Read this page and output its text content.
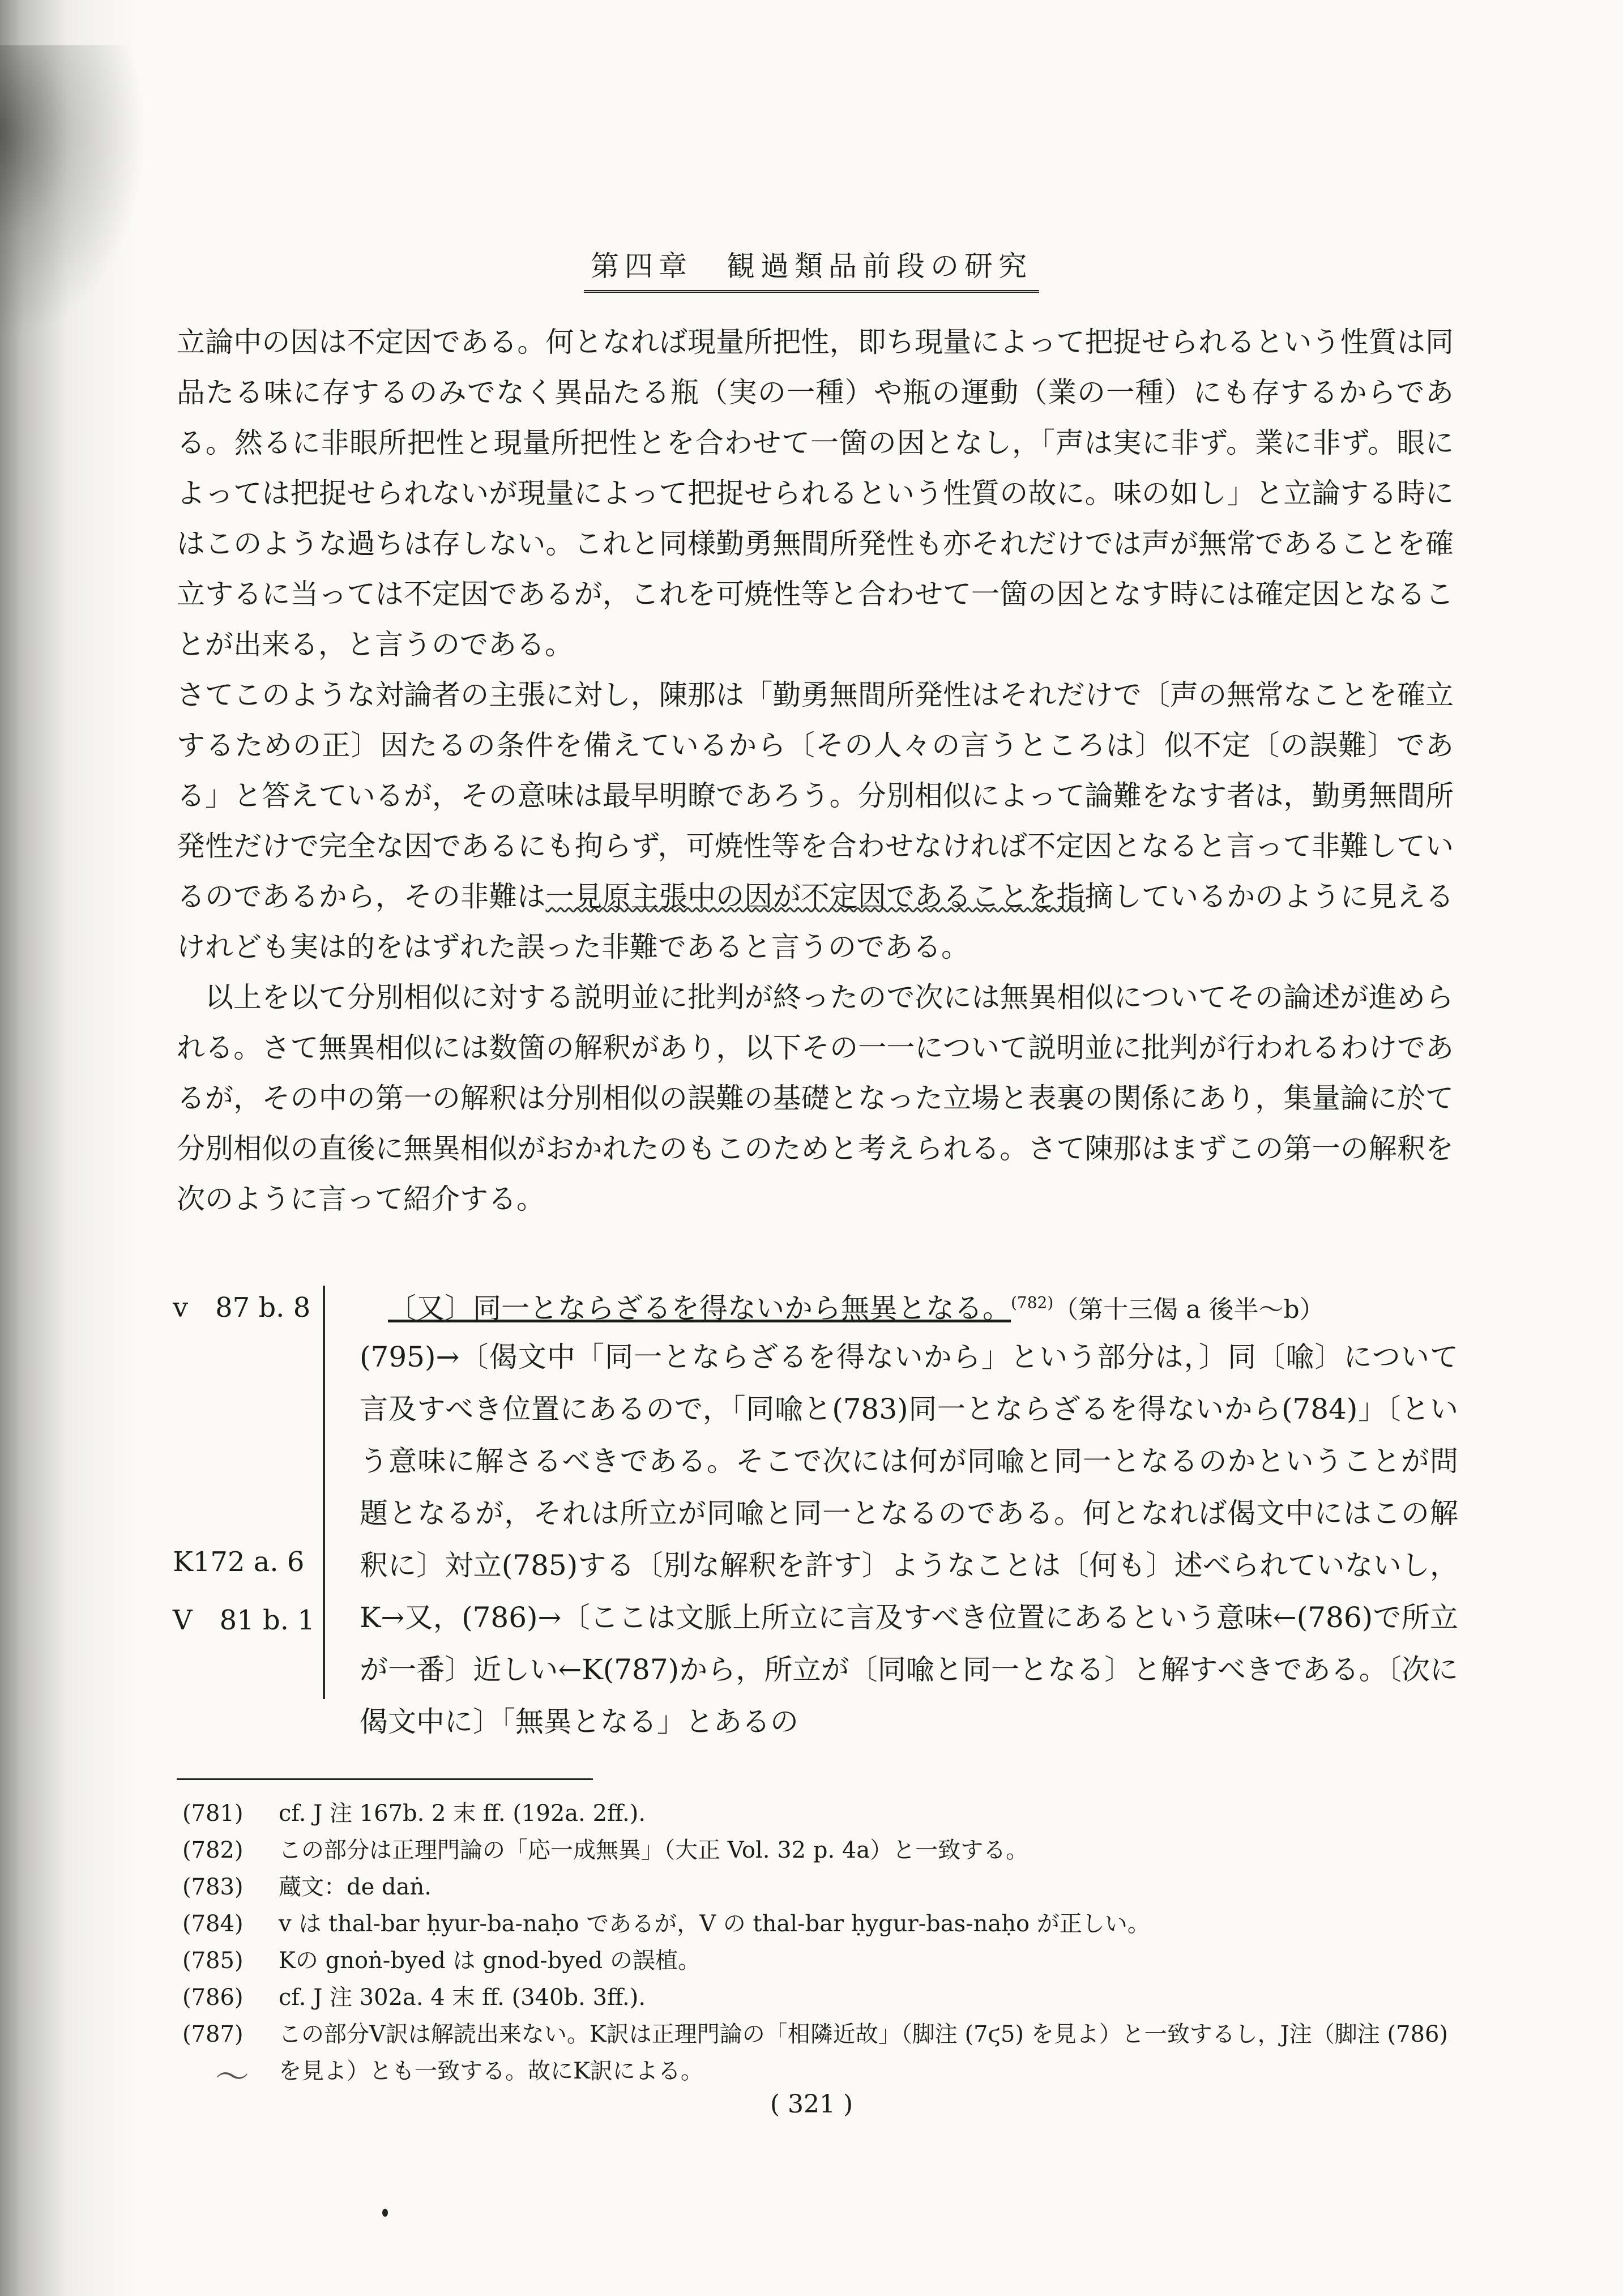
第四章　観過類品前段の研究

立論中の因は不定因である。何となれば現量所把性，即ち現量によって把捉せられるという性質は同品たる味に存するのみでなく異品たる瓶（実の一種）や瓶の運動（業の一種）にも存するからである。然るに非眼所把性と現量所把性とを合わせて一箇の因となし，「声は実に非ず。業に非ず。眼によっては把捉せられないが現量によって把捉せられるという性質の故に。味の如し」と立論する時にはこのような過ちは存しない。これと同様勤勇無間所発性も亦それだけでは声が無常であることを確立するに当っては不定因であるが，これを可焼性等と合わせて一箇の因となす時には確定因となることが出来る，と言うのである。

さてこのような対論者の主張に対し，陳那は「勤勇無間所発性はそれだけで〔声の無常なことを確立するための正〕因たるの条件を備えているから〔その人々の言うところは〕似不定〔の誤難〕である」と答えているが，その意味は最早明瞭であろう。分別相似によって論難をなす者は，勤勇無間所発性だけで完全な因であるにも拘らず，可焼性等を合わせなければ不定因となると言って非難しているのであるから，その非難は一見原主張中の因が不定因であることを指摘しているかのように見えるけれども実は的をはずれた誤った非難であると言うのである。

以上を以て分別相似に対する説明並に批判が終ったので次には無異相似についてその論述が進められる。さて無異相似には数箇の解釈があり，以下その一一について説明並に批判が行われるわけであるが，その中の第一の解釈は分別相似の誤難の基礎となった立場と表裏の関係にあり，集量論に於て分別相似の直後に無異相似がおかれたのもこのためと考えられる。さて陳那はまずこの第一の解釈を次のように言って紹介する。

v　87 b. 8
K172 a. 6
V　81 b. 1
〔又〕同一とならざるを得ないから無異となる。$^{(782)}$（第十三偈 a 後半〜b）

(795)→〔偈文中「同一とならざるを得ないから」という部分は，〕同〔喩〕について言及すべき位置にあるので，「同喩と(783)同一とならざるを得ないから(784)」〔という意味に解さるべきである。そこで次には何が同喩と同一となるのかということが問題となるが，それは所立が同喩と同一となるのである。何となれば偈文中にはこの解釈に〕対立(785)する〔別な解釈を許す〕ようなことは〔何も〕述べられていないし，K→又，(786)→〔ここは文脈上所立に言及すべき位置にあるという意味←(786)で所立が一番〕近しい←K(787)から，所立が〔同喩と同一となる〕と解すべきである。〔次に偈文中に〕「無異となる」とあるの

(781)	cf. J 注 167b. 2 末 ff. (192a. 2ff.).
(782)	この部分は正理門論の「応一成無異」（大正 Vol. 32 p. 4a）と一致する。
(783)	蔵文：de daṅ.
(784)	v は thal-bar ḥyur-ba-naḥo であるが，V の thal-bar ḥygur-bas-naḥo が正しい。
(785)	Kの gnoṅ-byed は gnod-byed の誤植。
(786)	cf. J 注 302a. 4 末 ff. (340b. 3ff.).
(787)	この部分V訳は解読出来ない。K訳は正理門論の「相隣近故」（脚注 (7ϛ5) を見よ）と一致するし，J注（脚注 (786) を見よ）とも一致する。故にK訳による。
〜
( 321 )
